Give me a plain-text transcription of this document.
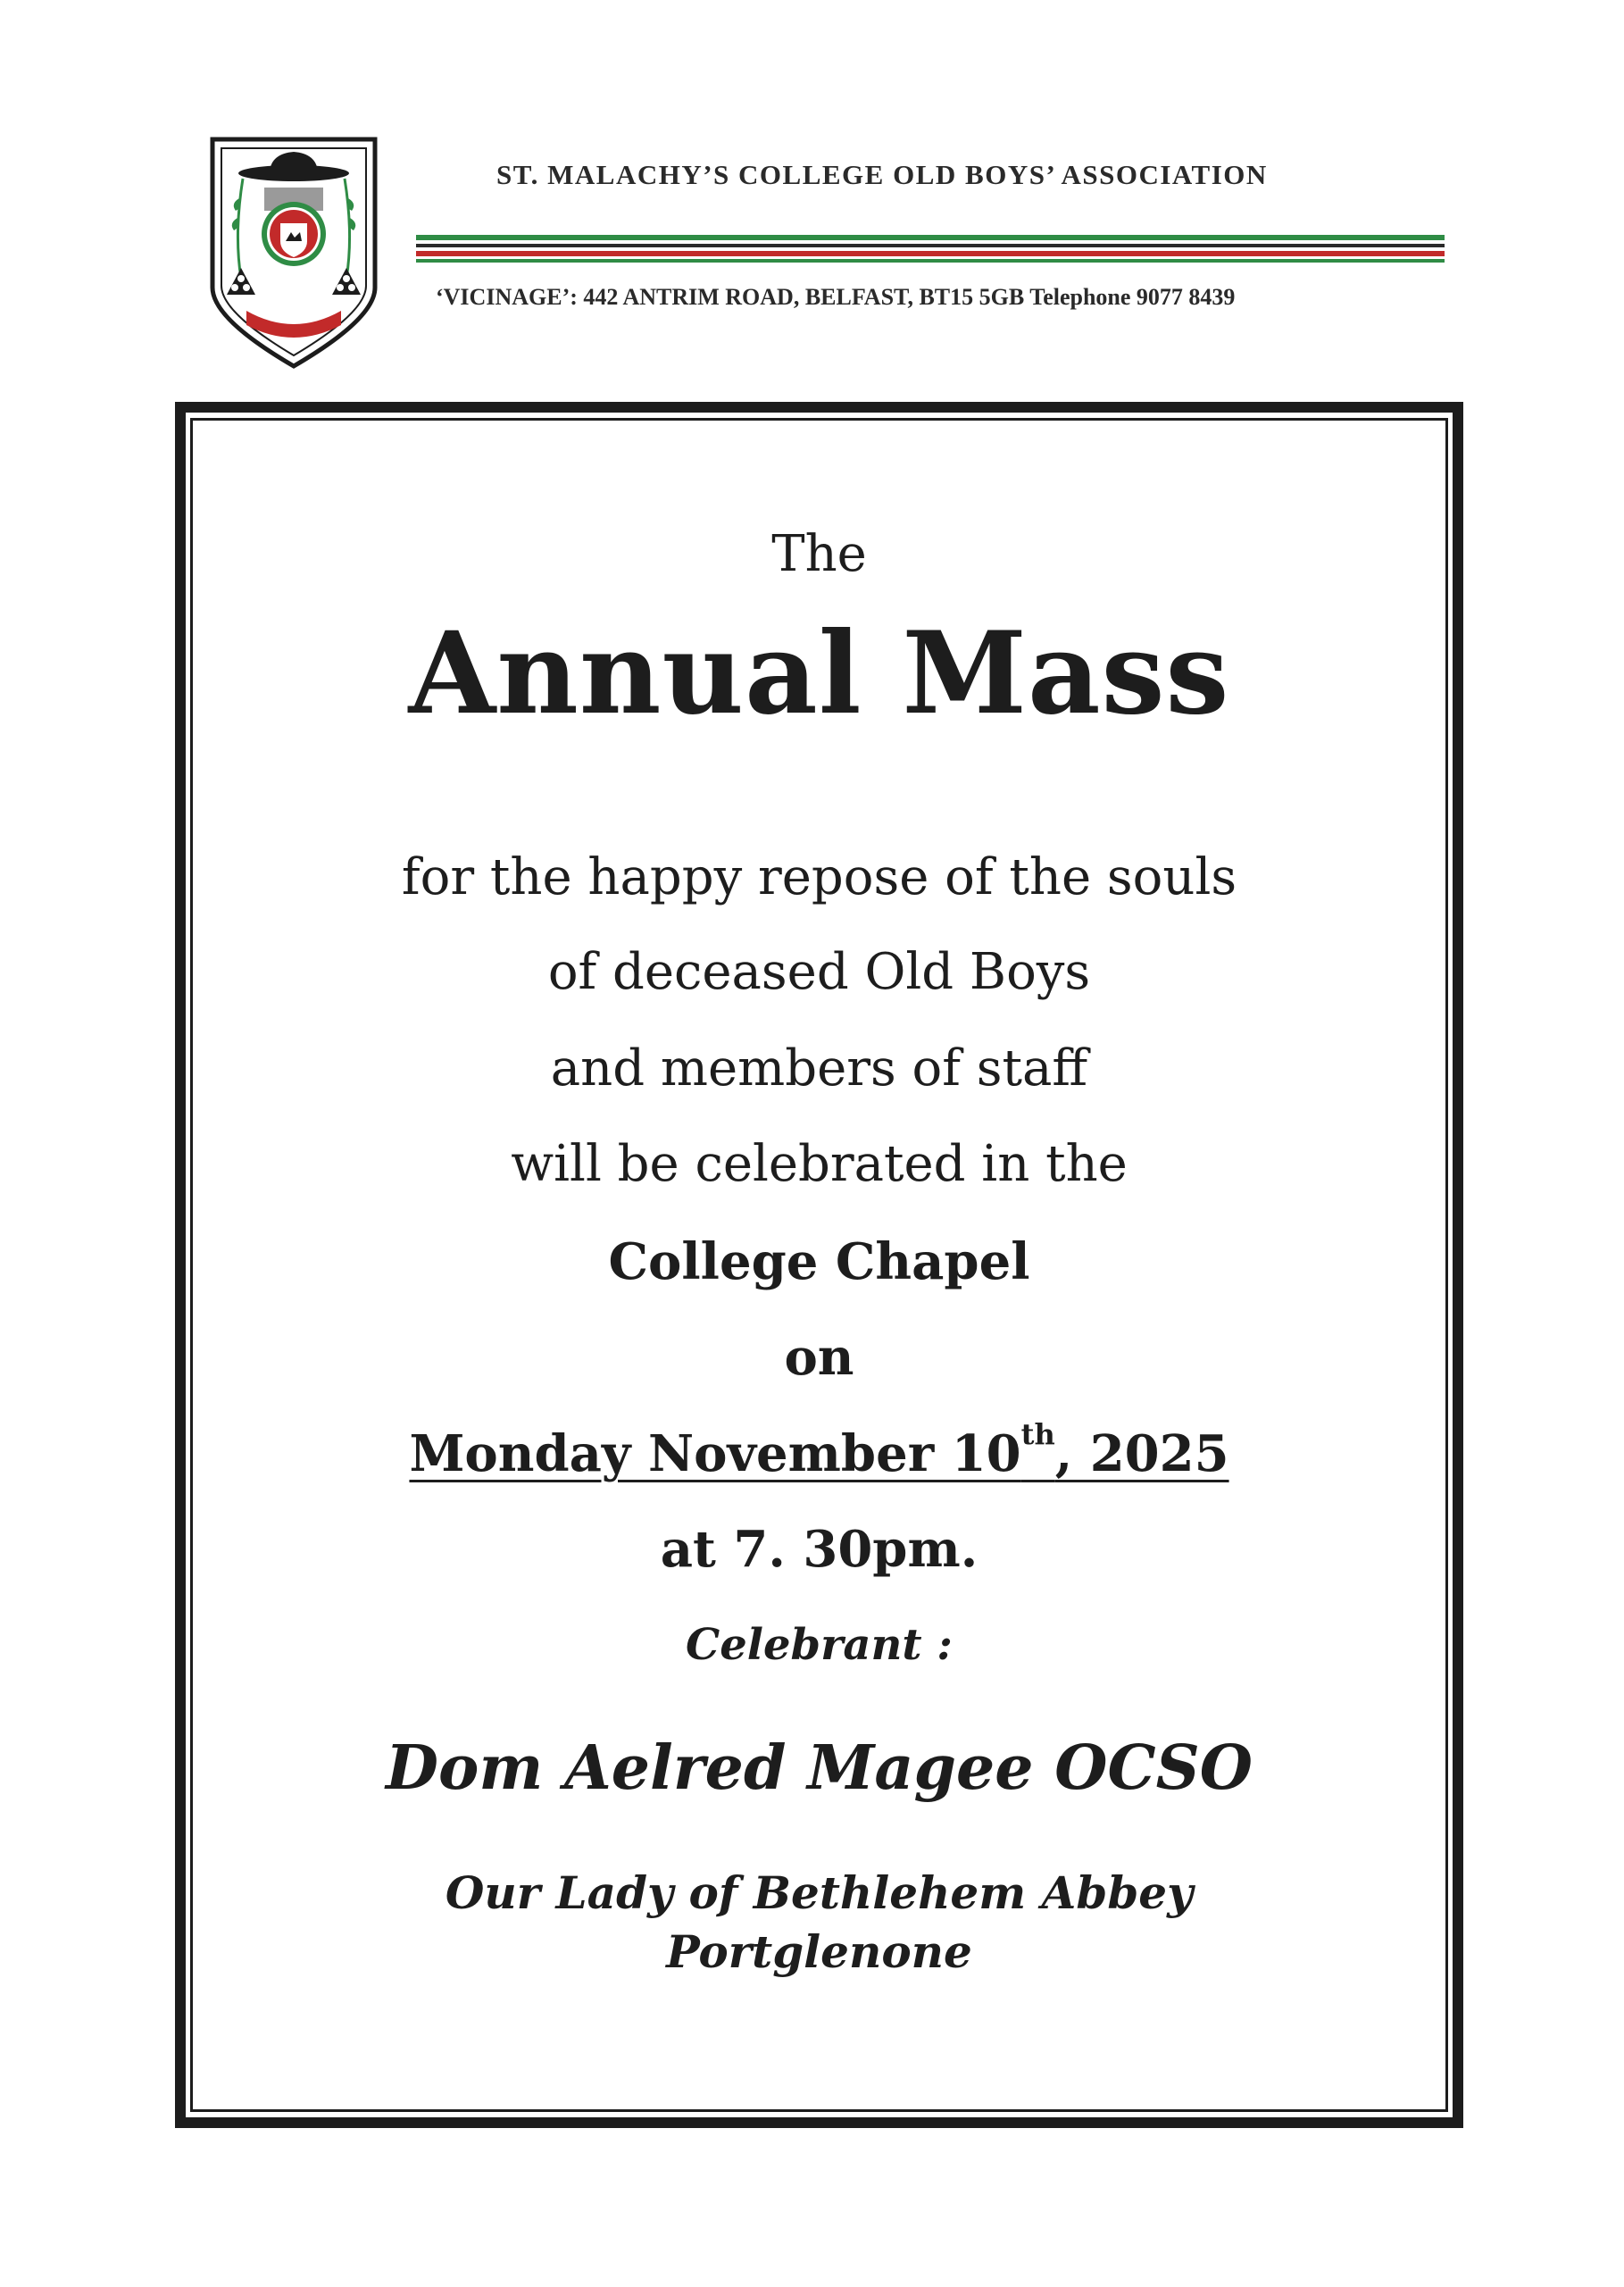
ST. MALACHY’S COLLEGE OLD BOYS’ ASSOCIATION
‘VICINAGE’: 442 ANTRIM ROAD, BELFAST, BT15 5GB Telephone 9077 8439
The
Annual Mass
for the happy repose of the souls
of deceased Old Boys
and members of staff
will be celebrated in the
College Chapel
on
Monday November 10th, 2025
at 7. 30pm.
Celebrant :
Dom Aelred Magee OCSO
Our Lady of Bethlehem Abbey
Portglenone
